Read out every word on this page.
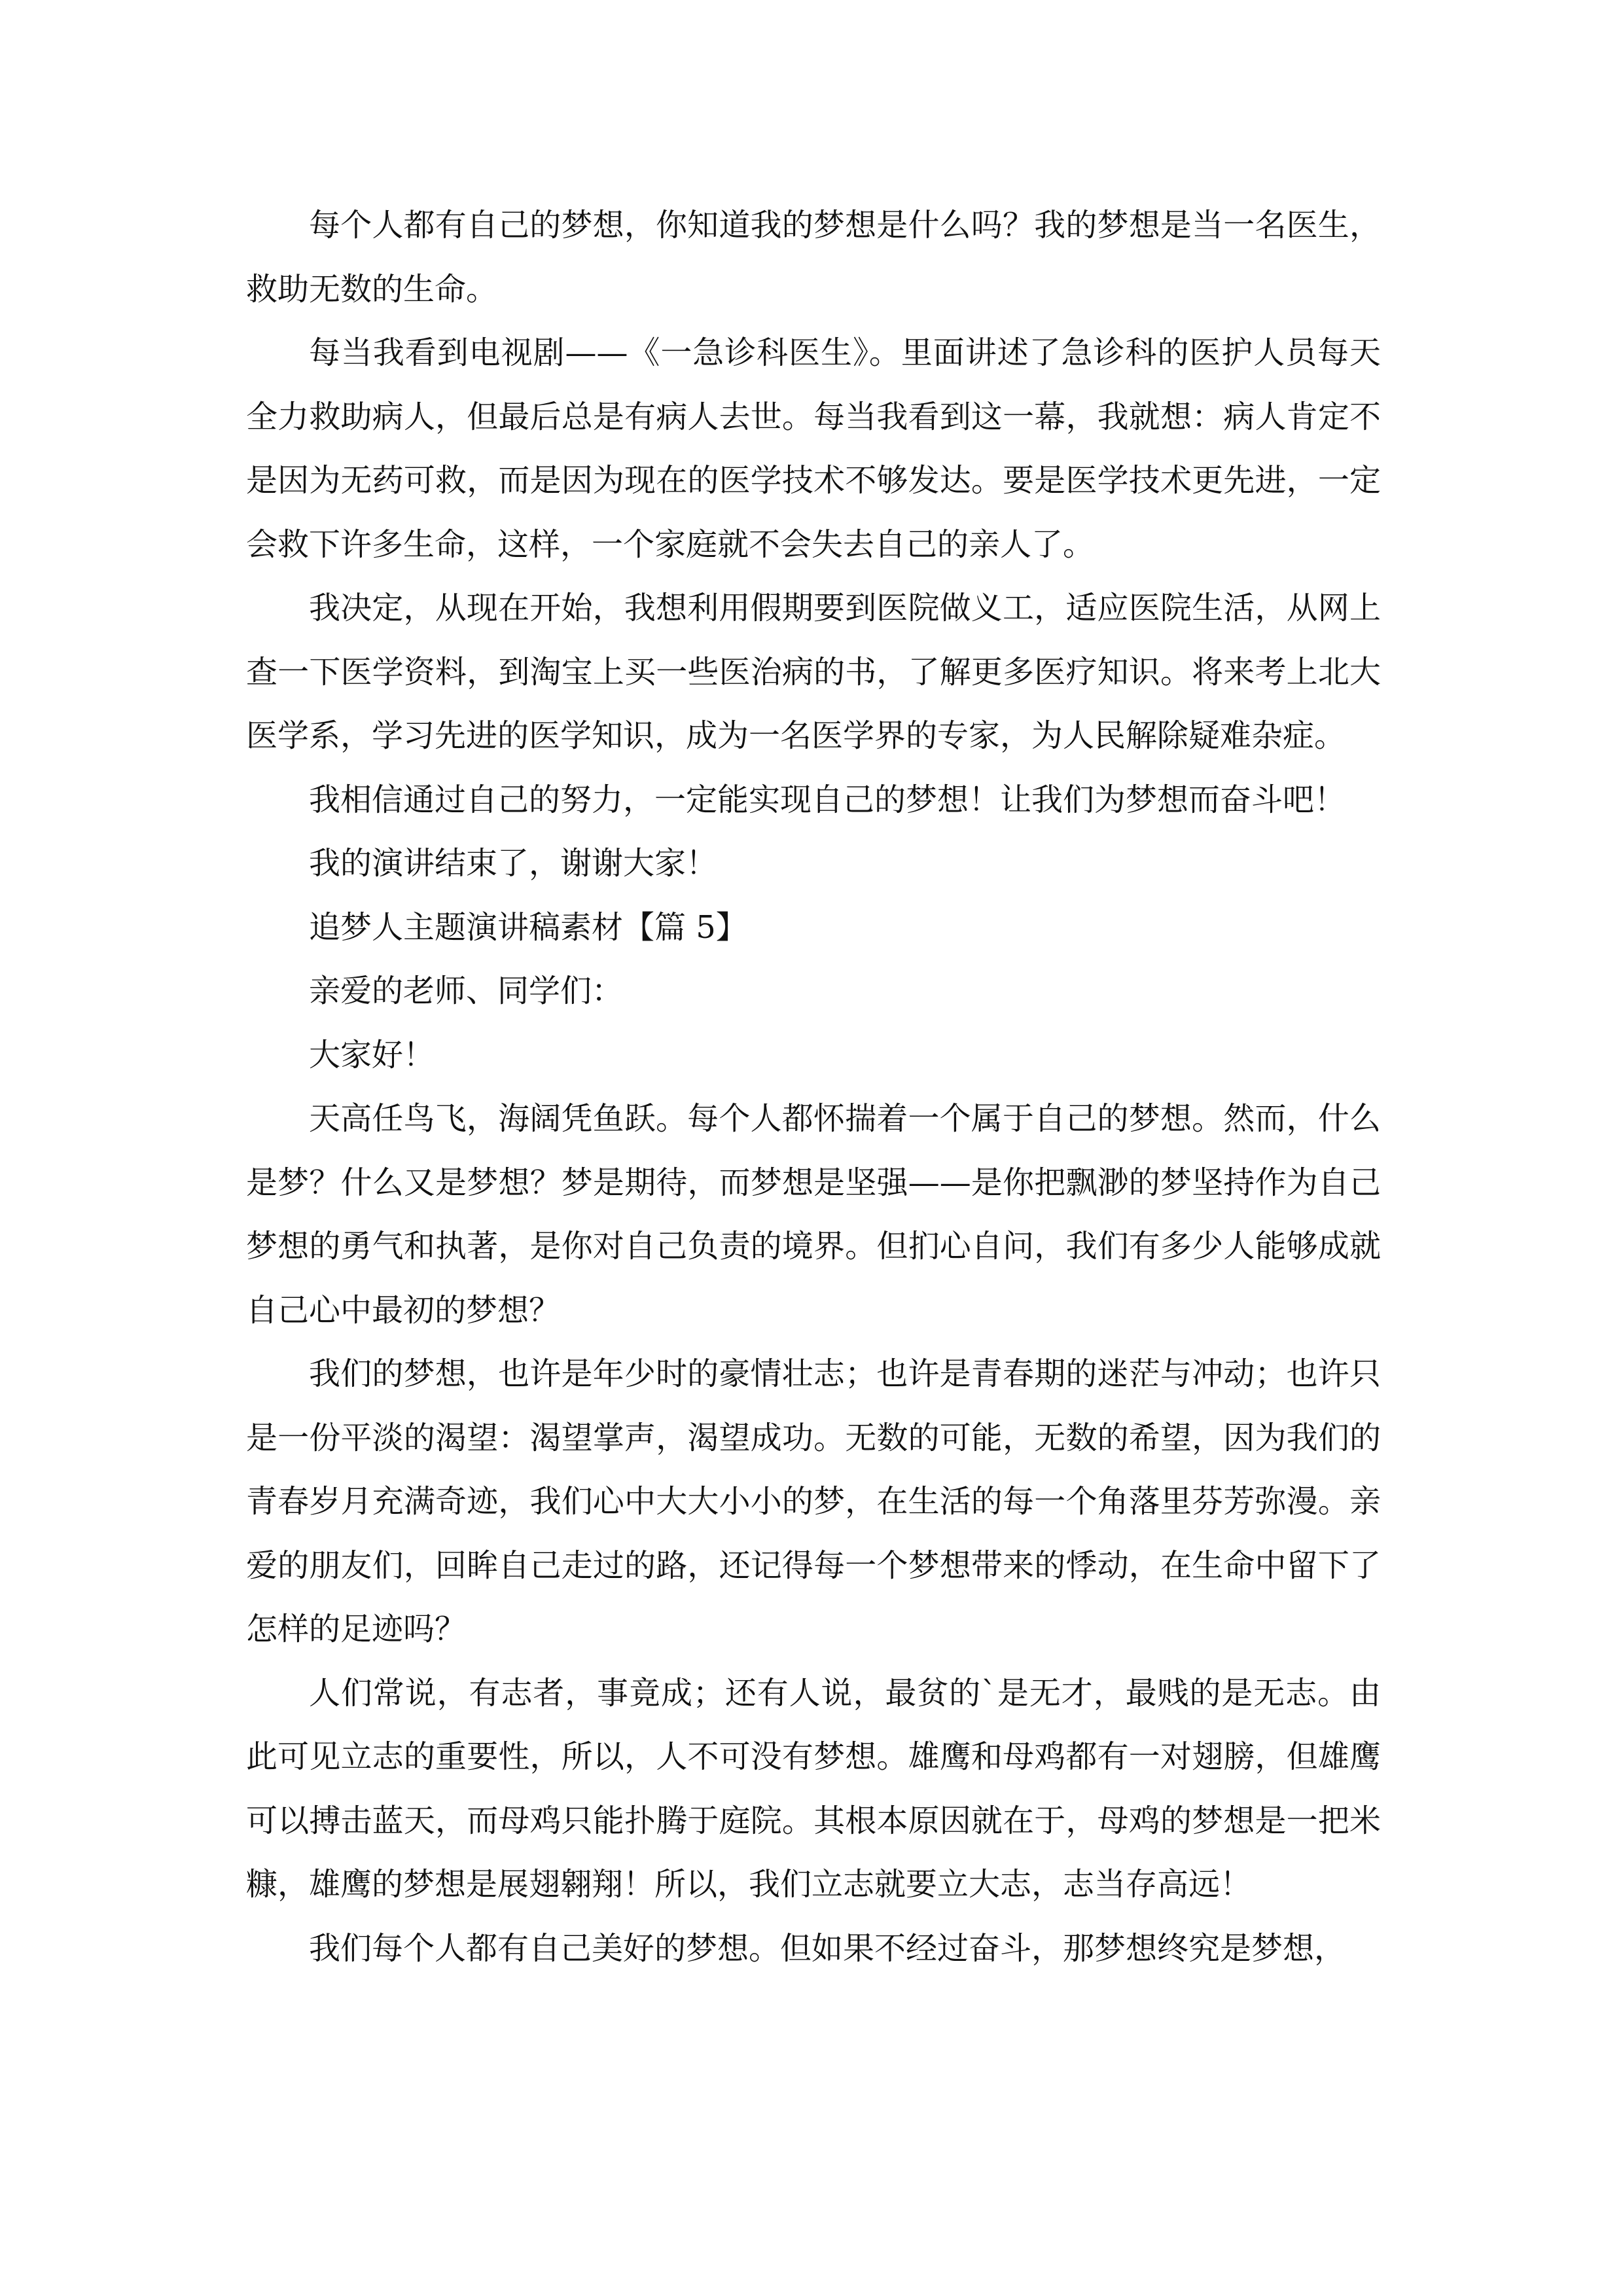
每个人都有自己的梦想，你知道我的梦想是什么吗？我的梦想是当一名医生，救助无数的生命。

每当我看到电视剧——《一急诊科医生》。里面讲述了急诊科的医护人员每天全力救助病人，但最后总是有病人去世。每当我看到这一幕，我就想：病人肯定不是因为无药可救，而是因为现在的医学技术不够发达。要是医学技术更先进，一定会救下许多生命，这样，一个家庭就不会失去自己的亲人了。

我决定，从现在开始，我想利用假期要到医院做义工，适应医院生活，从网上查一下医学资料，到淘宝上买一些医治病的书，了解更多医疗知识。将来考上北大医学系，学习先进的医学知识，成为一名医学界的专家，为人民解除疑难杂症。

我相信通过自己的努力，一定能实现自己的梦想！让我们为梦想而奋斗吧！

我的演讲结束了，谢谢大家！

追梦人主题演讲稿素材【篇 5】

亲爱的老师、同学们：

大家好！

天高任鸟飞，海阔凭鱼跃。每个人都怀揣着一个属于自己的梦想。然而，什么是梦？什么又是梦想？梦是期待，而梦想是坚强——是你把飘渺的梦坚持作为自己梦想的勇气和执著，是你对自己负责的境界。但扪心自问，我们有多少人能够成就自己心中最初的梦想？

我们的梦想，也许是年少时的豪情壮志；也许是青春期的迷茫与冲动；也许只是一份平淡的渴望：渴望掌声，渴望成功。无数的可能，无数的希望，因为我们的青春岁月充满奇迹，我们心中大大小小的梦，在生活的每一个角落里芬芳弥漫。亲爱的朋友们，回眸自己走过的路，还记得每一个梦想带来的悸动，在生命中留下了怎样的足迹吗？

人们常说，有志者，事竟成；还有人说，最贫的`是无才，最贱的是无志。由此可见立志的重要性，所以，人不可没有梦想。雄鹰和母鸡都有一对翅膀，但雄鹰可以搏击蓝天，而母鸡只能扑腾于庭院。其根本原因就在于，母鸡的梦想是一把米糠，雄鹰的梦想是展翅翱翔！所以，我们立志就要立大志，志当存高远！

我们每个人都有自己美好的梦想。但如果不经过奋斗，那梦想终究是梦想，
